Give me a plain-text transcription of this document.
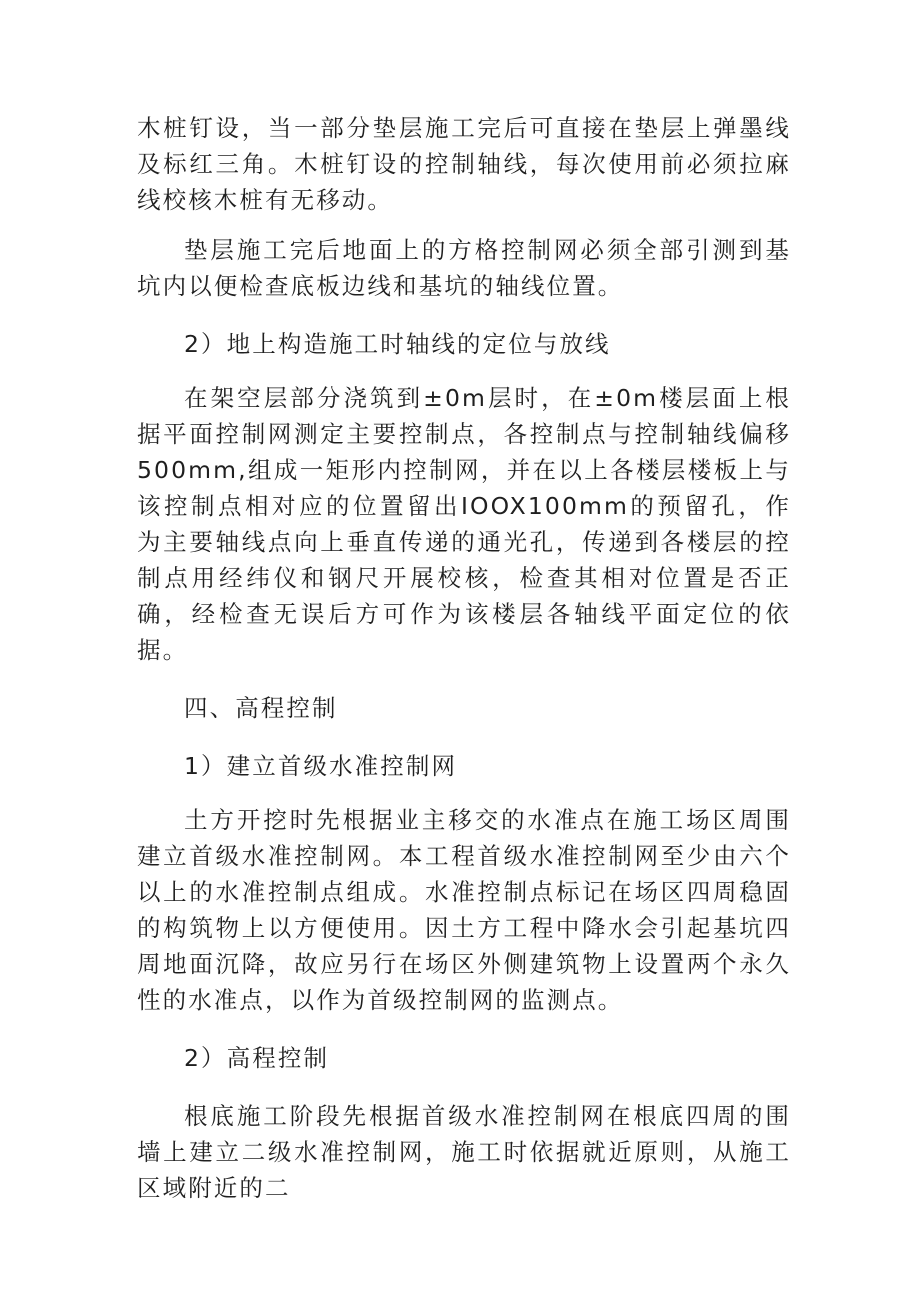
木桩钉设，当一部分垫层施工完后可直接在垫层上弹墨线及标红三角。木桩钉设的控制轴线，每次使用前必须拉麻线校核木桩有无移动。

垫层施工完后地面上的方格控制网必须全部引测到基坑内以便检查底板边线和基坑的轴线位置。

2）地上构造施工时轴线的定位与放线

在架空层部分浇筑到±0m层时，在±0m楼层面上根据平面控制网测定主要控制点，各控制点与控制轴线偏移500mm,组成一矩形内控制网，并在以上各楼层楼板上与该控制点相对应的位置留出IOOX100mm的预留孔，作为主要轴线点向上垂直传递的通光孔，传递到各楼层的控制点用经纬仪和钢尺开展校核，检查其相对位置是否正确，经检查无误后方可作为该楼层各轴线平面定位的依据。

四、高程控制

1）建立首级水准控制网

土方开挖时先根据业主移交的水准点在施工场区周围建立首级水准控制网。本工程首级水准控制网至少由六个以上的水准控制点组成。水准控制点标记在场区四周稳固的构筑物上以方便使用。因土方工程中降水会引起基坑四周地面沉降，故应另行在场区外侧建筑物上设置两个永久性的水准点，以作为首级控制网的监测点。

2）高程控制

根底施工阶段先根据首级水准控制网在根底四周的围墙上建立二级水准控制网，施工时依据就近原则，从施工区域附近的二
